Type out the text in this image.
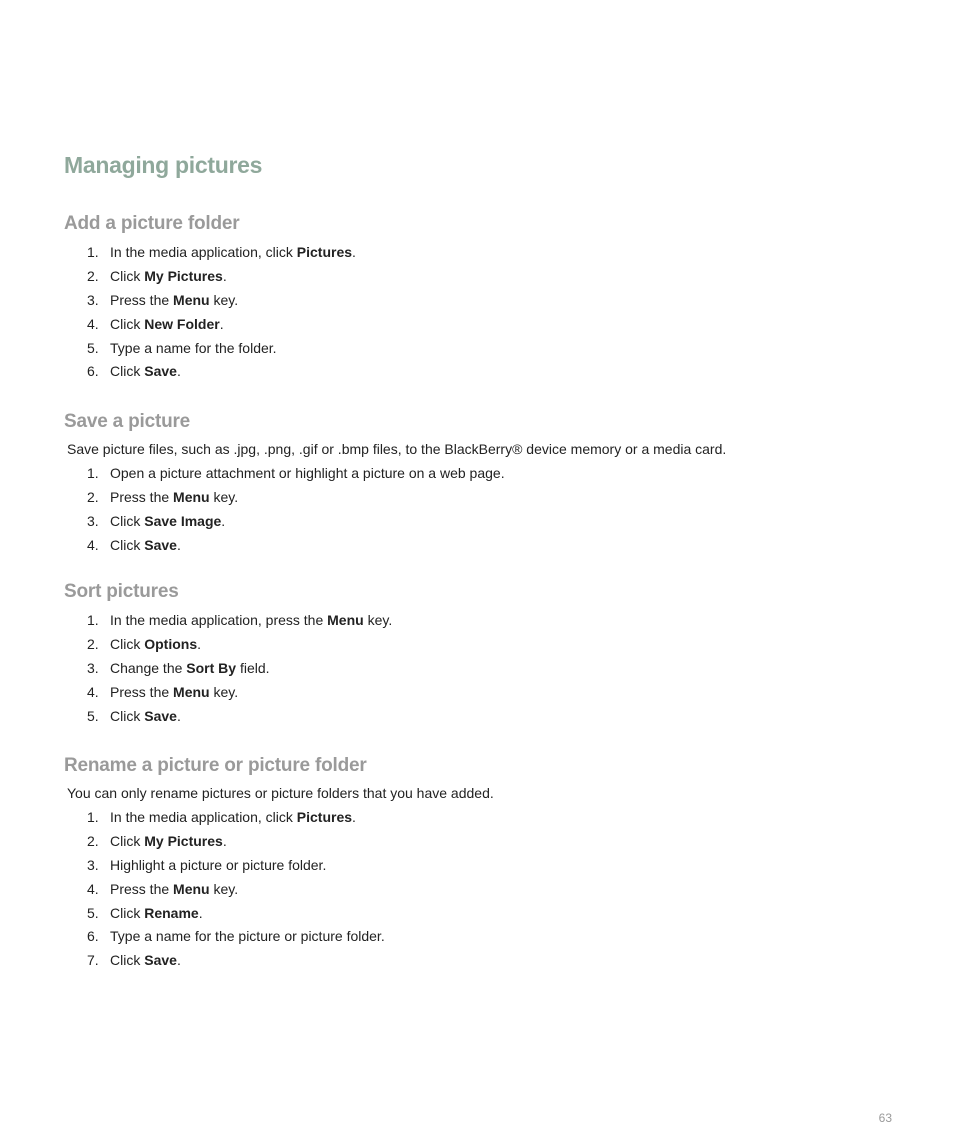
Managing pictures
Add a picture folder
1. In the media application, click Pictures.
2. Click My Pictures.
3. Press the Menu key.
4. Click New Folder.
5. Type a name for the folder.
6. Click Save.
Save a picture

Save picture files, such as .jpg, .png, .gif or .bmp files, to the BlackBerry® device memory or a media card.

1. Open a picture attachment or highlight a picture on a web page.
2. Press the Menu key.
3. Click Save Image.
4. Click Save.
Sort pictures
1. In the media application, press the Menu key.
2. Click Options.
3. Change the Sort By field.
4. Press the Menu key.
5. Click Save.
Rename a picture or picture folder

You can only rename pictures or picture folders that you have added.

1. In the media application, click Pictures.
2. Click My Pictures.
3. Highlight a picture or picture folder.
4. Press the Menu key.
5. Click Rename.
6. Type a name for the picture or picture folder.
7. Click Save.
63
